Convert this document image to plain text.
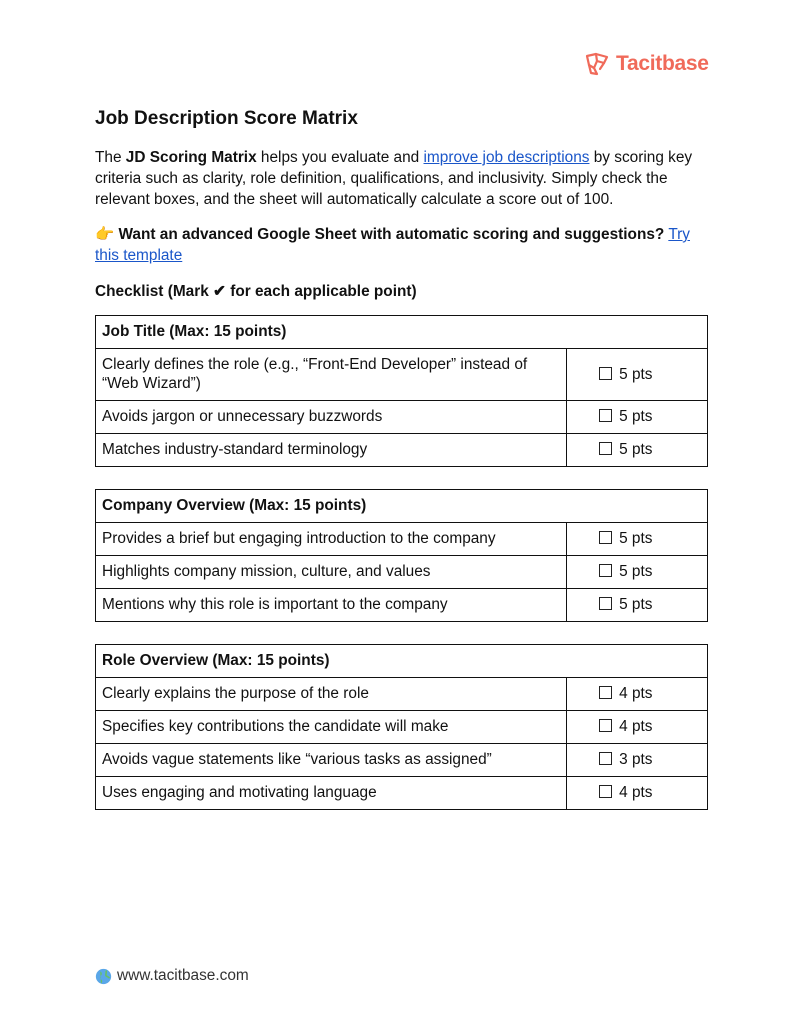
Tacitbase
Job Description Score Matrix

The JD Scoring Matrix helps you evaluate and improve job descriptions by scoring key criteria such as clarity, role definition, qualifications, and inclusivity. Simply check the relevant boxes, and the sheet will automatically calculate a score out of 100.

👉 Want an advanced Google Sheet with automatic scoring and suggestions? Try this template

Checklist (Mark ✔ for each applicable point)
Job Title (Max: 15 points)	
Clearly defines the role (e.g., “Front-End Developer” instead of “Web Wizard”)	5 pts
Avoids jargon or unnecessary buzzwords	5 pts
Matches industry-standard terminology	5 pts
Company Overview (Max: 15 points)	
Provides a brief but engaging introduction to the company	5 pts
Highlights company mission, culture, and values	5 pts
Mentions why this role is important to the company	5 pts
Role Overview (Max: 15 points)	
Clearly explains the purpose of the role	4 pts
Specifies key contributions the candidate will make	4 pts
Avoids vague statements like “various tasks as assigned”	3 pts
Uses engaging and motivating language	4 pts
www.tacitbase.com
